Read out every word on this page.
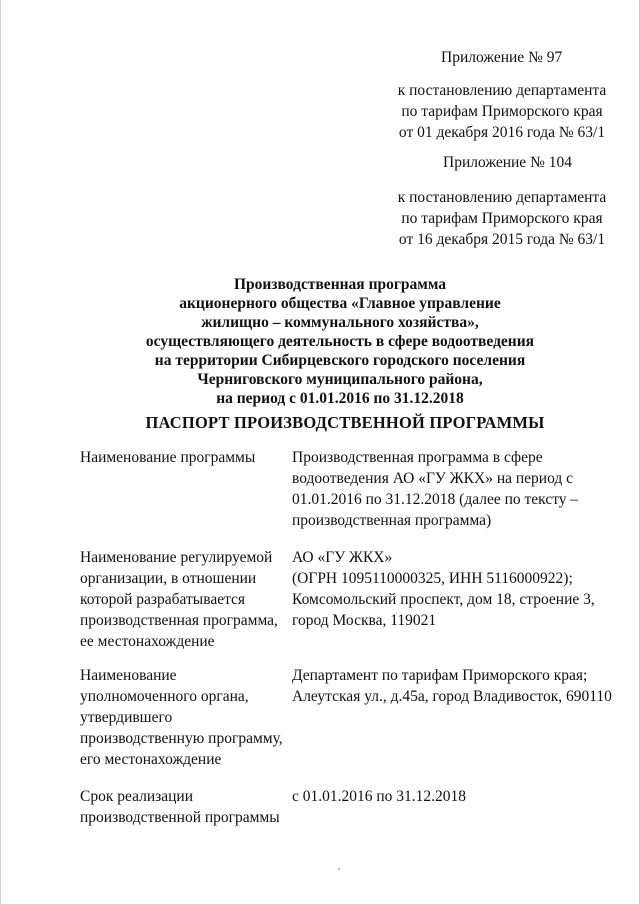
Приложение № 97
к постановлению департамента
по тарифам Приморского края
от 01 декабря 2016 года № 63/1
Приложение № 104
к постановлению департамента
по тарифам Приморского края
от 16 декабря 2015 года № 63/1
Производственная программа
акционерного общества «Главное управление
жилищно – коммунального хозяйства»,
осуществляющего деятельность в сфере водоотведения
на территории Сибирцевского городского поселения
Черниговского муниципального района,
на период с 01.01.2016 по 31.12.2018
ПАСПОРТ ПРОИЗВОДСТВЕННОЙ ПРОГРАММЫ
Наименование программы	Производственная программа в сфере
водоотведения АО «ГУ ЖКХ» на период с
01.01.2016 по 31.12.2018 (далее по тексту –
производственная программа)
Наименование регулируемой
организации, в отношении
которой разрабатывается
производственная программа,
ее местонахождение
АО «ГУ ЖКХ»
(ОГРН 1095110000325, ИНН 5116000922);
Комсомольский проспект, дом 18, строение 3,
город Москва, 119021
Наименование
уполномоченного органа,
утвердившего
производственную программу,
его местонахождение
Департамент по тарифам Приморского края;
Алеутская ул., д.45а, город Владивосток, 690110
Срок реализации
производственной программы
с 01.01.2016 по 31.12.2018
